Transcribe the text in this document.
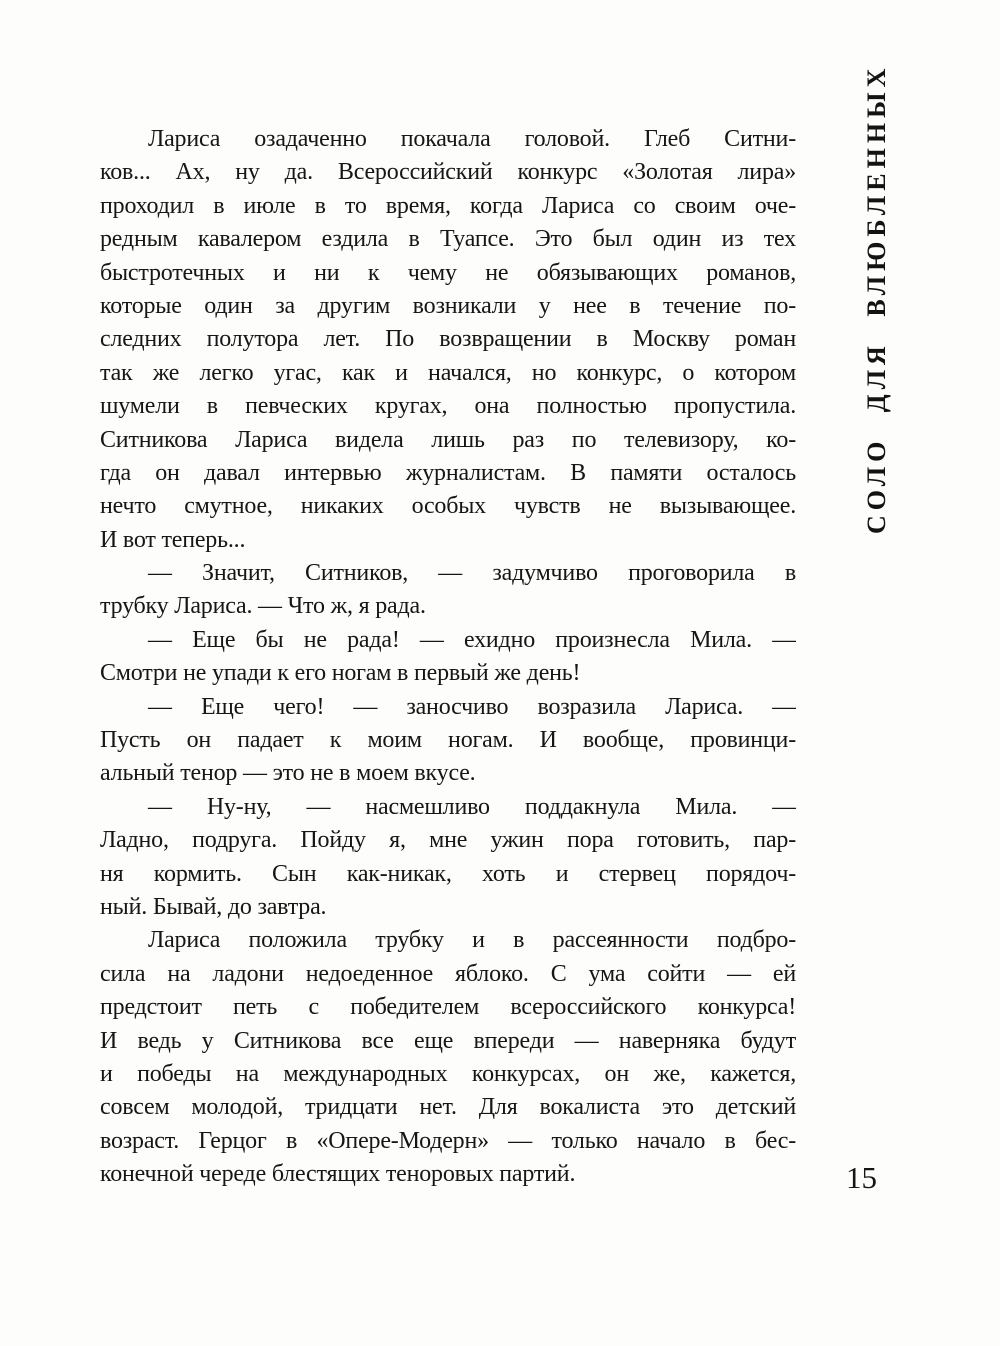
СОЛО ДЛЯ ВЛЮБЛЕННЫХ
Лариса озадаченно покачала головой. Глеб Ситни-
ков... Ах, ну да. Всероссийский конкурс «Золотая лира»
проходил в июле в то время, когда Лариса со своим оче-
редным кавалером ездила в Туапсе. Это был один из тех
быстротечных и ни к чему не обязывающих романов,
которые один за другим возникали у нее в течение по-
следних полутора лет. По возвращении в Москву роман
так же легко угас, как и начался, но конкурс, о котором
шумели в певческих кругах, она полностью пропустила.
Ситникова Лариса видела лишь раз по телевизору, ко-
гда он давал интервью журналистам. В памяти осталось
нечто смутное, никаких особых чувств не вызывающее.
И вот теперь...
— Значит, Ситников, — задумчиво проговорила в
трубку Лариса. — Что ж, я рада.
— Еще бы не рада! — ехидно произнесла Мила. —
Смотри не упади к его ногам в первый же день!
— Еще чего! — заносчиво возразила Лариса. —
Пусть он падает к моим ногам. И вообще, провинци-
альный тенор — это не в моем вкусе.
— Ну-ну, — насмешливо поддакнула Мила. —
Ладно, подруга. Пойду я, мне ужин пора готовить, пар-
ня кормить. Сын как-никак, хоть и стервец порядоч-
ный. Бывай, до завтра.
Лариса положила трубку и в рассеянности подбро-
сила на ладони недоеденное яблоко. С ума сойти — ей
предстоит петь с победителем всероссийского конкурса!
И ведь у Ситникова все еще впереди — наверняка будут
и победы на международных конкурсах, он же, кажется,
совсем молодой, тридцати нет. Для вокалиста это детский
возраст. Герцог в «Опере-Модерн» — только начало в бес-
конечной череде блестящих теноровых партий.	15
